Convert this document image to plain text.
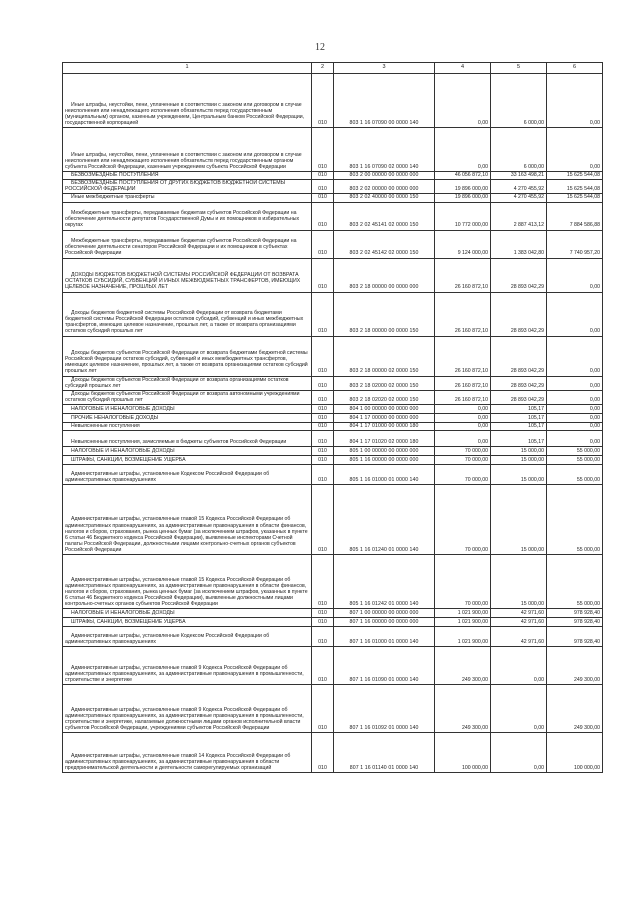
12
1	2	3	4	5	6
Иные штрафы, неустойки, пени, уплаченные в соответствии с законом или договором в случае неисполнения или ненадлежащего исполнения обязательств перед государственным (муниципальным) органом, казенным учреждением, Центральным банком Российской Федерации, государственной корпорацией	010	803 1 16 07090 00 0000 140	0,00	6 000,00	0,00
Иные штрафы, неустойки, пени, уплаченные в соответствии с законом или договором в случае неисполнения или ненадлежащего исполнения обязательств перед государственным органом субъекта Российской Федерации, казенным учреждением субъекта Российской Федерации	010	803 1 16 07090 02 0000 140	0,00	6 000,00	0,00
БЕЗВОЗМЕЗДНЫЕ ПОСТУПЛЕНИЯ	010	803 2 00 00000 00 0000 000	46 056 872,10	33 163 498,21	15 625 544,08
БЕЗВОЗМЕЗДНЫЕ ПОСТУПЛЕНИЯ ОТ ДРУГИХ БЮДЖЕТОВ БЮДЖЕТНОЙ СИСТЕМЫ РОССИЙСКОЙ ФЕДЕРАЦИИ	010	803 2 02 00000 00 0000 000	19 896 000,00	4 270 455,92	15 625 544,08
Иные межбюджетные трансферты	010	803 2 02 40000 00 0000 150	19 896 000,00	4 270 455,92	15 625 544,08
Межбюджетные трансферты, передаваемые бюджетам субъектов Российской Федерации на обеспечение деятельности депутатов Государственной Думы и их помощников в избирательных округах	010	803 2 02 45141 02 0000 150	10 772 000,00	2 887 413,12	7 884 586,88
Межбюджетные трансферты, передаваемые бюджетам субъектов Российской Федерации на обеспечение деятельности сенаторов Российской Федерации и их помощников в субъектах Российской Федерации	010	803 2 02 45142 02 0000 150	9 124 000,00	1 383 042,80	7 740 957,20
ДОХОДЫ БЮДЖЕТОВ БЮДЖЕТНОЙ СИСТЕМЫ РОССИЙСКОЙ ФЕДЕРАЦИИ ОТ ВОЗВРАТА ОСТАТКОВ СУБСИДИЙ, СУБВЕНЦИЙ И ИНЫХ МЕЖБЮДЖЕТНЫХ ТРАНСФЕРТОВ, ИМЕЮЩИХ ЦЕЛЕВОЕ НАЗНАЧЕНИЕ, ПРОШЛЫХ ЛЕТ	010	803 2 18 00000 00 0000 000	26 160 872,10	28 893 042,29	0,00
Доходы бюджетов бюджетной системы Российской Федерации от возврата бюджетами бюджетной системы Российской Федерации остатков субсидий, субвенций и иных межбюджетных трансфертов, имеющих целевое назначение, прошлых лет, а также от возврата организациями остатков субсидий прошлых лет	010	803 2 18 00000 00 0000 150	26 160 872,10	28 893 042,29	0,00
Доходы бюджетов субъектов Российской Федерации от возврата бюджетами бюджетной системы Российской Федерации остатков субсидий, субвенций и иных межбюджетных трансфертов, имеющих целевое назначение, прошлых лет, а также от возврата организациями остатков субсидий прошлых лет	010	803 2 18 00000 02 0000 150	26 160 872,10	28 893 042,29	0,00
Доходы бюджетов субъектов Российской Федерации от возврата организациями остатков субсидий прошлых лет	010	803 2 18 02000 02 0000 150	26 160 872,10	28 893 042,29	0,00
Доходы бюджетов субъектов Российской Федерации от возврата автономными учреждениями остатков субсидий прошлых лет	010	803 2 18 02020 02 0000 150	26 160 872,10	28 893 042,29	0,00
НАЛОГОВЫЕ И НЕНАЛОГОВЫЕ ДОХОДЫ	010	804 1 00 00000 00 0000 000	0,00	105,17	0,00
ПРОЧИЕ НЕНАЛОГОВЫЕ ДОХОДЫ	010	804 1 17 00000 00 0000 000	0,00	105,17	0,00
Невыясненные поступления	010	804 1 17 01000 00 0000 180	0,00	105,17	0,00
Невыясненные поступления, зачисляемые в бюджеты субъектов Российской Федерации	010	804 1 17 01020 02 0000 180	0,00	105,17	0,00
НАЛОГОВЫЕ И НЕНАЛОГОВЫЕ ДОХОДЫ	010	805 1 00 00000 00 0000 000	70 000,00	15 000,00	55 000,00
ШТРАФЫ, САНКЦИИ, ВОЗМЕЩЕНИЕ УЩЕРБА	010	805 1 16 00000 00 0000 000	70 000,00	15 000,00	55 000,00
Административные штрафы, установленные Кодексом Российской Федерации об административных правонарушениях	010	805 1 16 01000 01 0000 140	70 000,00	15 000,00	55 000,00
Административные штрафы, установленные главой 15 Кодекса Российской Федерации об административных правонарушениях, за административные правонарушения в области финансов, налогов и сборов, страхования, рынка ценных бумаг (за исключением штрафов, указанных в пункте 6 статьи 46 Бюджетного кодекса Российской Федерации), выявленные инспекторами Счетной палаты Российской Федерации, должностными лицами контрольно-счетных органов субъектов Российской Федерации	010	805 1 16 01240 01 0000 140	70 000,00	15 000,00	55 000,00
Административные штрафы, установленные главой 15 Кодекса Российской Федерации об административных правонарушениях, за административные правонарушения в области финансов, налогов и сборов, страхования, рынка ценных бумаг (за исключением штрафов, указанных в пункте 6 статьи 46 Бюджетного кодекса Российской Федерации), выявленные должностными лицами контрольно-счетных органов субъектов Российской Федерации	010	805 1 16 01242 01 0000 140	70 000,00	15 000,00	55 000,00
НАЛОГОВЫЕ И НЕНАЛОГОВЫЕ ДОХОДЫ	010	807 1 00 00000 00 0000 000	1 021 900,00	42 971,60	978 928,40
ШТРАФЫ, САНКЦИИ, ВОЗМЕЩЕНИЕ УЩЕРБА	010	807 1 16 00000 00 0000 000	1 021 900,00	42 971,60	978 928,40
Административные штрафы, установленные Кодексом Российской Федерации об административных правонарушениях	010	807 1 16 01000 01 0000 140	1 021 900,00	42 971,60	978 928,40
Административные штрафы, установленные главой 9 Кодекса Российской Федерации об административных правонарушениях, за административные правонарушения в промышленности, строительстве и энергетике	010	807 1 16 01090 01 0000 140	249 300,00	0,00	249 300,00
Административные штрафы, установленные главой 9 Кодекса Российской Федерации об административных правонарушениях, за административные правонарушения в промышленности, строительстве и энергетике, налагаемые должностными лицами органов исполнительной власти субъектов Российской Федерации, учреждениями субъектов Российской Федерации	010	807 1 16 01092 01 0000 140	249 300,00	0,00	249 300,00
Административные штрафы, установленные главой 14 Кодекса Российской Федерации об административных правонарушениях, за административные правонарушения в области предпринимательской деятельности и деятельности саморегулируемых организаций	010	807 1 16 01140 01 0000 140	100 000,00	0,00	100 000,00
